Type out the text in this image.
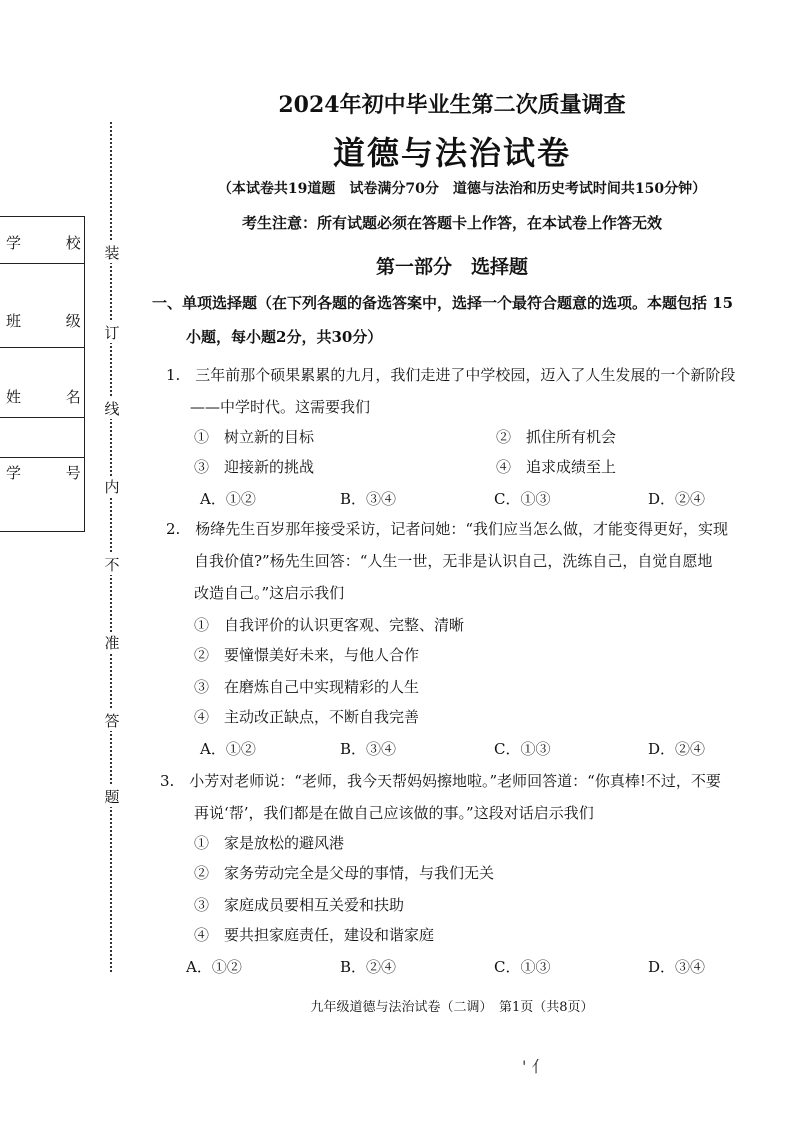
学 校
班 级
姓 名
学 号
装
订
线
内
不
准
答
题
2024年初中毕业生第二次质量调查
道德与法治试卷
（本试卷共19道题　试卷满分70分　道德与法治和历史考试时间共150分钟）
考生注意：所有试题必须在答题卡上作答，在本试卷上作答无效
第一部分　选择题
一、单项选择题（在下列各题的备选答案中，选择一个最符合题意的选项。本题包括 15
小题，每小题2分，共30分）
1.　三年前那个硕果累累的九月，我们走进了中学校园，迈入了人生发展的一个新阶段
——中学时代。这需要我们
①　树立新的目标	②　抓住所有机会
③　迎接新的挑战	④　追求成绩至上
A．①②	B．③④	C．①③	D．②④
2.　杨绛先生百岁那年接受采访，记者问她：“我们应当怎么做，才能变得更好，实现
自我价值?”杨先生回答：“人生一世，无非是认识自己，洗练自己，自觉自愿地
改造自己。”这启示我们
①　自我评价的认识更客观、完整、清晰
②　要憧憬美好未来，与他人合作
③　在磨炼自己中实现精彩的人生
④　主动改正缺点，不断自我完善
A．①②	B．③④	C．①③	D．②④
3.　小芳对老师说：“老师，我今天帮妈妈擦地啦。”老师回答道：“你真棒!不过，不要
再说‘帮’，我们都是在做自己应该做的事。”这段对话启示我们
①　家是放松的避风港
②　家务劳动完全是父母的事情，与我们无关
③　家庭成员要相互关爱和扶助
④　要共担家庭责任，建设和谐家庭
A．①②	B．②④	C．①③	D．③④
九年级道德与法治试卷（二调）　第1页（共8页）
' 亻
